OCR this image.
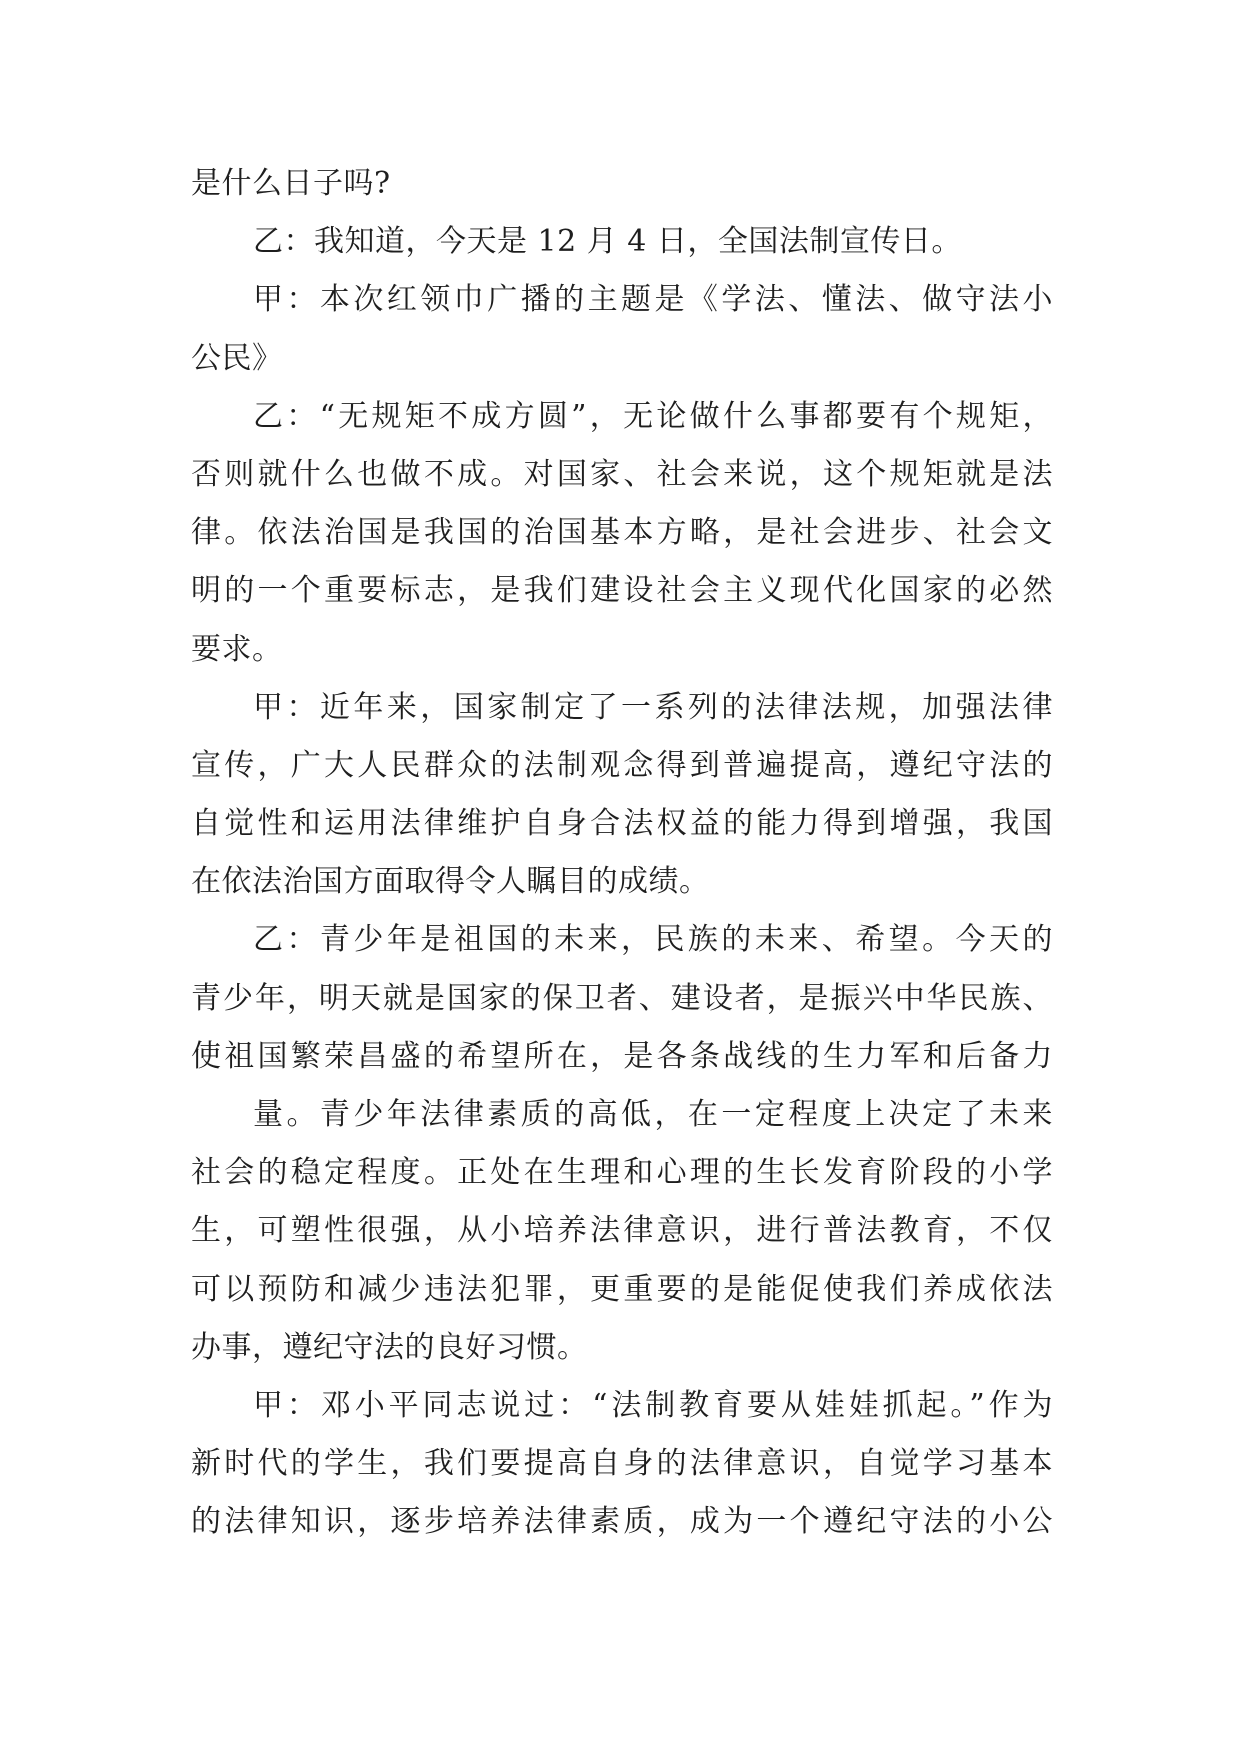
是什么日子吗?
乙：我知道，今天是 12 月 4 日，全国法制宣传日。
甲：本次红领巾广播的主题是《学法、懂法、做守法小
公民》
乙：“无规矩不成方圆”，无论做什么事都要有个规矩，
否则就什么也做不成。对国家、社会来说，这个规矩就是法
律。依法治国是我国的治国基本方略，是社会进步、社会文
明的一个重要标志，是我们建设社会主义现代化国家的必然
要求。
甲：近年来，国家制定了一系列的法律法规，加强法律
宣传，广大人民群众的法制观念得到普遍提高，遵纪守法的
自觉性和运用法律维护自身合法权益的能力得到增强，我国
在依法治国方面取得令人瞩目的成绩。
乙：青少年是祖国的未来，民族的未来、希望。今天的
青少年，明天就是国家的保卫者、建设者，是振兴中华民族、
使祖国繁荣昌盛的希望所在，是各条战线的生力军和后备力
量。青少年法律素质的高低，在一定程度上决定了未来
社会的稳定程度。正处在生理和心理的生长发育阶段的小学
生，可塑性很强，从小培养法律意识，进行普法教育，不仅
可以预防和减少违法犯罪，更重要的是能促使我们养成依法
办事，遵纪守法的良好习惯。
甲：邓小平同志说过：“法制教育要从娃娃抓起。”作为
新时代的学生，我们要提高自身的法律意识，自觉学习基本
的法律知识，逐步培养法律素质，成为一个遵纪守法的小公
